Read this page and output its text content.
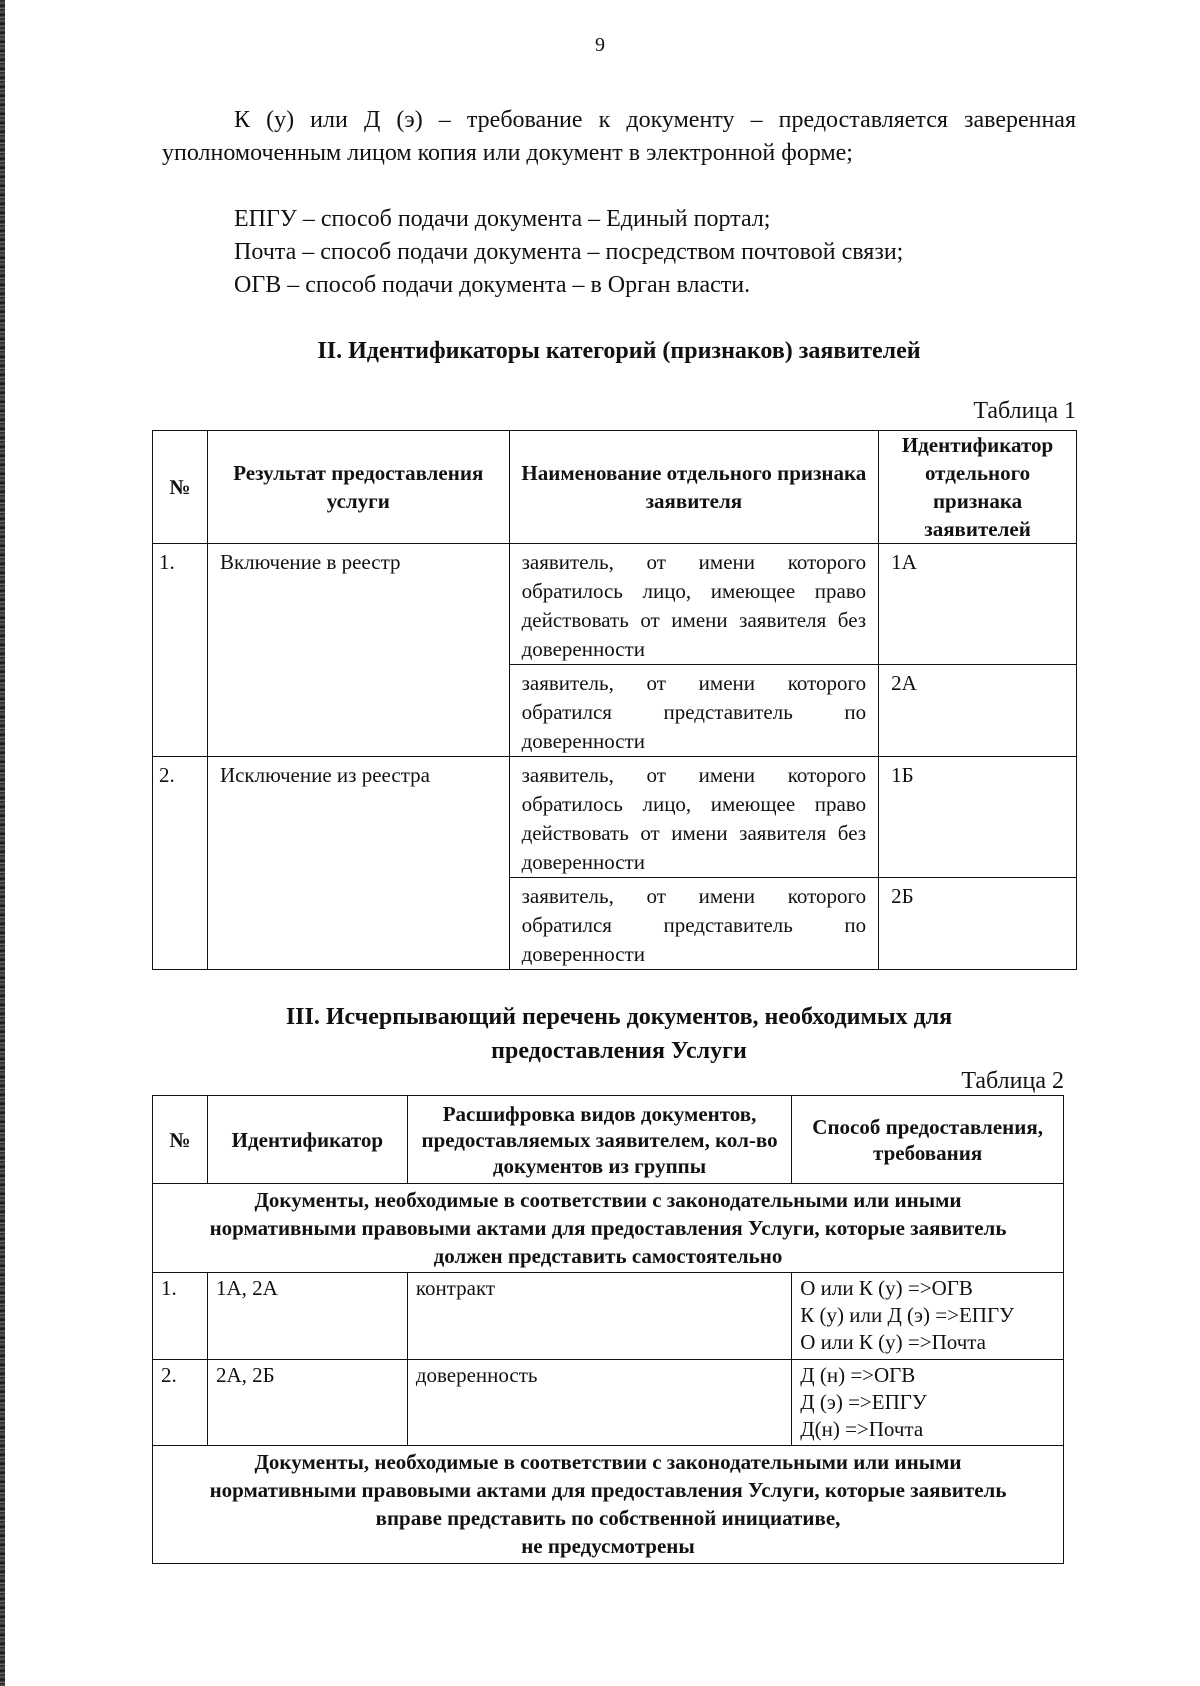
9

К (у) или Д (э) – требование к документу – предоставляется заверенная уполномоченным лицом копия или документ в электронной форме;

ЕПГУ – способ подачи документа – Единый портал;

Почта – способ подачи документа – посредством почтовой связи;

ОГВ – способ подачи документа – в Орган власти.

II. Идентификаторы категорий (признаков) заявителей
Таблица 1
№	Результат предоставления услуги	Наименование отдельного признака заявителя	Идентификатор отдельного признака заявителей
1.	Включение в реестр	заявитель, от имени которого обратилось лицо, имеющее право действовать от имени заявителя без доверенности	1А
		заявитель, от имени которого обратился представитель по доверенности	2А
2.	Исключение из реестра	заявитель, от имени которого обратилось лицо, имеющее право действовать от имени заявителя без доверенности	1Б
		заявитель, от имени которого обратился представитель по доверенности	2Б
III. Исчерпывающий перечень документов, необходимых для
предоставления Услуги
Таблица 2
№	Идентификатор	Расшифровка видов документов, предоставляемых заявителем, кол-во документов из группы	Способ предоставления, требования
Документы, необходимые в соответствии с законодательными или иными нормативными правовыми актами для предоставления Услуги, которые заявитель должен представить самостоятельно			
1.	1А, 2А	контракт	О или К (у) =>ОГВ
К (у) или Д (э) =>ЕПГУ
О или К (у) =>Почта

2.	2А, 2Б	доверенность	Д (н) =>ОГВ
Д (э) =>ЕПГУ
Д(н) =>Почта

Документы, необходимые в соответствии с законодательными или иными нормативными правовыми актами для предоставления Услуги, которые заявитель вправе представить по собственной инициативе,
не предусмотрены			
